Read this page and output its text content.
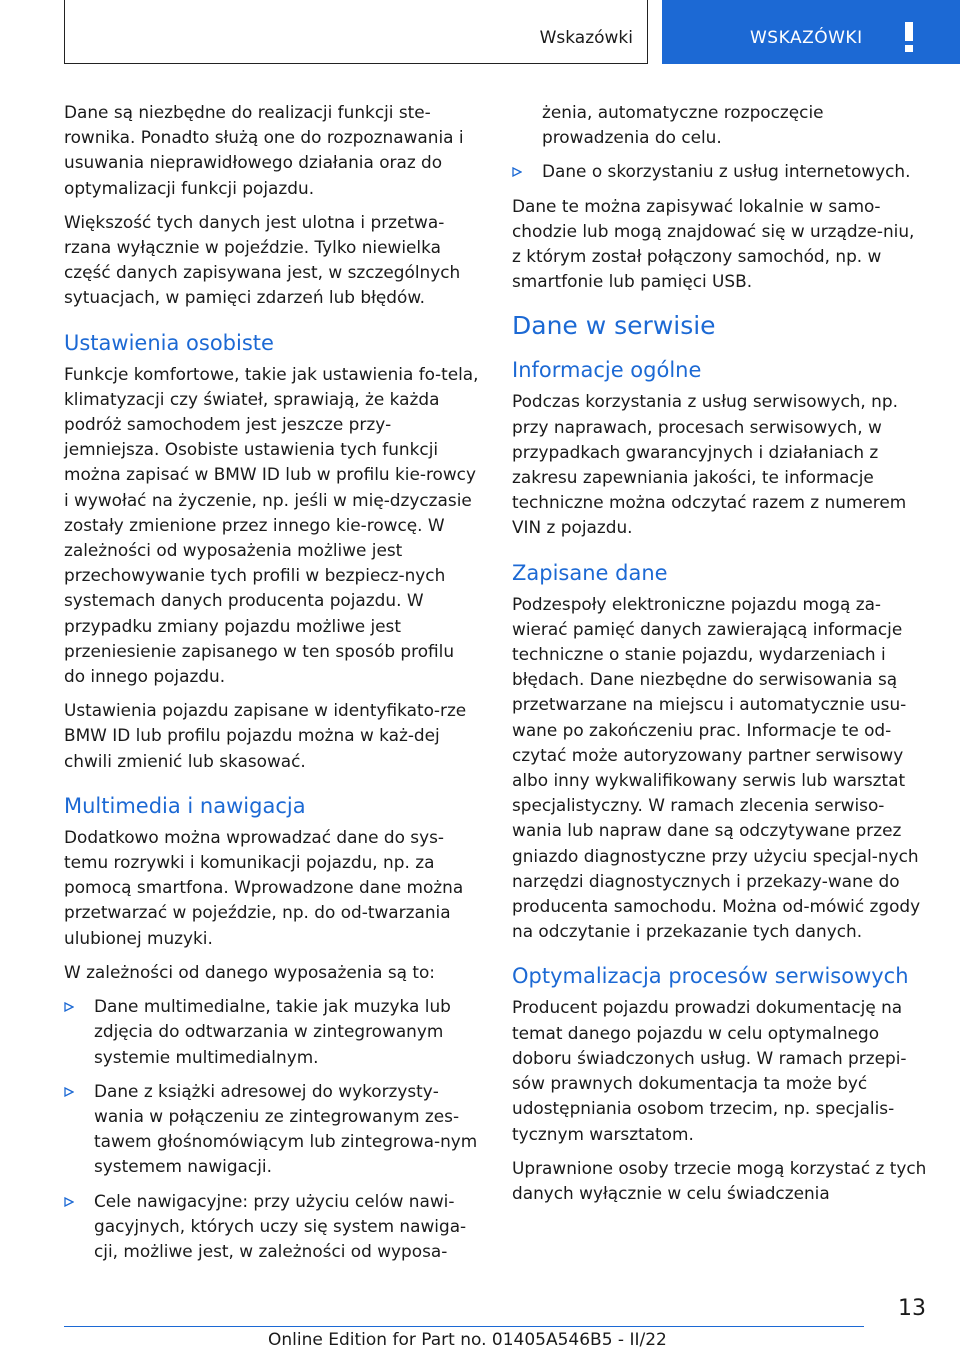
Wskazówki	WSKAZÓWKI

Dane są niezbędne do realizacji funkcji ste‐rownika. Ponadto służą one do rozpoznawania i usuwania nieprawidłowego działania oraz do optymalizacji funkcji pojazdu.

Większość tych danych jest ulotna i przetwa‐rzana wyłącznie w pojeździe. Tylko niewielka część danych zapisywana jest, w szczególnych sytuacjach, w pamięci zdarzeń lub błędów.

Ustawienia osobiste

Funkcje komfortowe, takie jak ustawienia fo‐tela, klimatyzacji czy świateł, sprawiają, że każda podróż samochodem jest jeszcze przy‐jemniejsza. Osobiste ustawienia tych funkcji można zapisać w BMW ID lub w profilu kie‐rowcy i wywołać na życzenie, np. jeśli w mię‐dzyczasie zostały zmienione przez innego kie‐rowcę. W zależności od wyposażenia możliwe jest przechowywanie tych profili w bezpiecz‐nych systemach danych producenta pojazdu. W przypadku zmiany pojazdu możliwe jest przeniesienie zapisanego w ten sposób profilu do innego pojazdu.

Ustawienia pojazdu zapisane w identyfikato‐rze BMW ID lub profilu pojazdu można w każ‐dej chwili zmienić lub skasować.

Multimedia i nawigacja

Dodatkowo można wprowadzać dane do sys‐temu rozrywki i komunikacji pojazdu, np. za pomocą smartfona. Wprowadzone dane można przetwarzać w pojeździe, np. do od‐twarzania ulubionej muzyki.

W zależności od danego wyposażenia są to:

Dane multimedialne, takie jak muzyka lub zdjęcia do odtwarzania w zintegrowanym systemie multimedialnym.
Dane z książki adresowej do wykorzysty‐wania w połączeniu ze zintegrowanym zes‐tawem głośnomówiącym lub zintegrowa‐nym systemem nawigacji.
Cele nawigacyjne: przy użyciu celów nawi‐gacyjnych, których uczy się system nawiga‐cji, możliwe jest, w zależności od wyposa‐
żenia, automatyczne rozpoczęcie prowadzenia do celu.
Dane o skorzystaniu z usług internetowych.

Dane te można zapisywać lokalnie w samo‐chodzie lub mogą znajdować się w urządze‐niu, z którym został połączony samochód, np. w smartfonie lub pamięci USB.

Dane w serwisie
Informacje ogólne

Podczas korzystania z usług serwisowych, np. przy naprawach, procesach serwisowych, w przypadkach gwarancyjnych i działaniach z zakresu zapewniania jakości, te informacje techniczne można odczytać razem z numerem VIN z pojazdu.

Zapisane dane

Podzespoły elektroniczne pojazdu mogą za‐wierać pamięć danych zawierającą informacje techniczne o stanie pojazdu, wydarzeniach i błędach. Dane niezbędne do serwisowania są przetwarzane na miejscu i automatycznie usu‐wane po zakończeniu prac. Informacje te od‐czytać może autoryzowany partner serwisowy albo inny wykwalifikowany serwis lub warsztat specjalistyczny. W ramach zlecenia serwiso‐wania lub napraw dane są odczytywane przez gniazdo diagnostyczne przy użyciu specjal‐nych narzędzi diagnostycznych i przekazy‐wane do producenta samochodu. Można od‐mówić zgody na odczytanie i przekazanie tych danych.

Optymalizacja procesów serwisowych

Producent pojazdu prowadzi dokumentację na temat danego pojazdu w celu optymalnego doboru świadczonych usług. W ramach przepi‐sów prawnych dokumentacja ta może być udostępniania osobom trzecim, np. specjalis‐tycznym warsztatom.

Uprawnione osoby trzecie mogą korzystać z tych danych wyłącznie w celu świadczenia

13
Online Edition for Part no. 01405A546B5 - II/22
